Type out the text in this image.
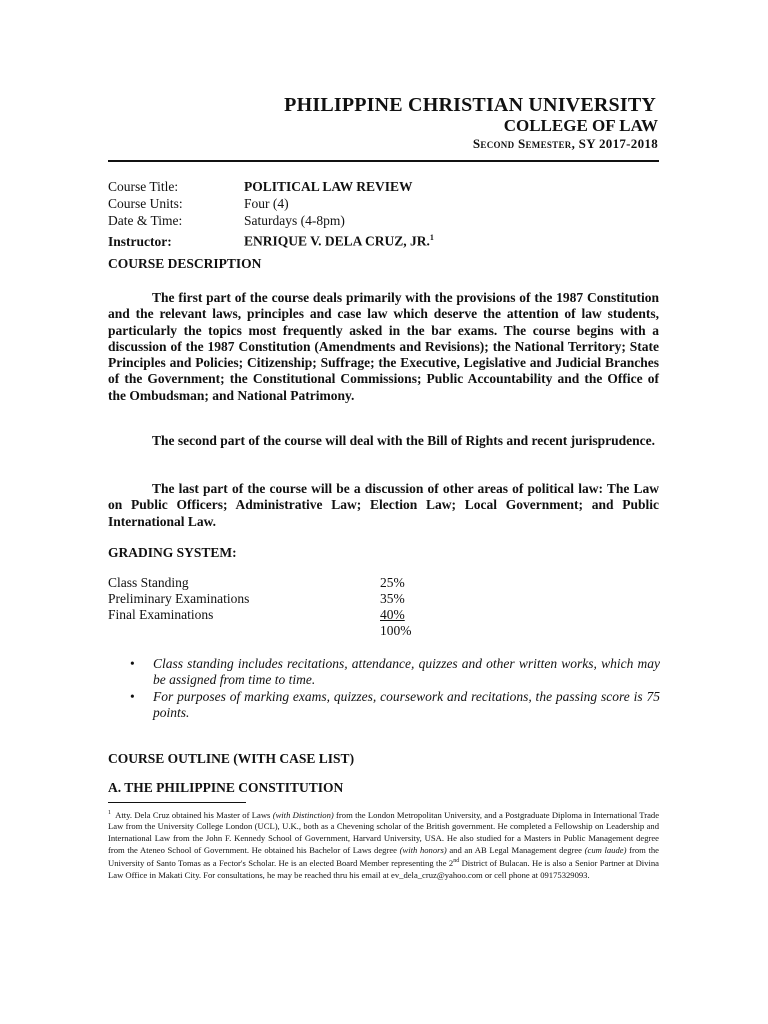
PHILIPPINE CHRISTIAN UNIVERSITY
COLLEGE OF LAW
Second Semester, SY 2017-2018
Course Title:	POLITICAL LAW REVIEW
Course Units:	Four (4)
Date & Time:	Saturdays (4-8pm)
Instructor:	ENRIQUE V. DELA CRUZ, JR.$^1$
COURSE DESCRIPTION

The first part of the course deals primarily with the provisions of the 1987 Constitution and the relevant laws, principles and case law which deserve the attention of law students, particularly the topics most frequently asked in the bar exams. The course begins with a discussion of the 1987 Constitution (Amendments and Revisions); the National Territory; State Principles and Policies; Citizenship; Suffrage; the Executive, Legislative and Judicial Branches of the Government; the Constitutional Commissions; Public Accountability and the Office of the Ombudsman; and National Patrimony.

The second part of the course will deal with the Bill of Rights and recent jurisprudence.

The last part of the course will be a discussion of other areas of political law: The Law on Public Officers; Administrative Law; Election Law; Local Government; and Public International Law.

GRADING SYSTEM:
Class Standing	25%
Preliminary Examinations	35%
Final Examinations	40%
100%
• Class standing includes recitations, attendance, quizzes and other written works, which may be assigned from time to time.
• For purposes of marking exams, quizzes, coursework and recitations, the passing score is 75 points.
COURSE OUTLINE (WITH CASE LIST)
A. THE PHILIPPINE CONSTITUTION

$^1$ Atty. Dela Cruz obtained his Master of Laws (with Distinction) from the London Metropolitan University, and a Postgraduate Diploma in International Trade Law from the University College London (UCL), U.K., both as a Chevening scholar of the British government. He completed a Fellowship on Leadership and International Law from the John F. Kennedy School of Government, Harvard University, USA. He also studied for a Masters in Public Management degree from the Ateneo School of Government. He obtained his Bachelor of Laws degree (with honors) and an AB Legal Management degree (cum laude) from the University of Santo Tomas as a Fector's Scholar. He is an elected Board Member representing the 2nd District of Bulacan. He is also a Senior Partner at Divina Law Office in Makati City. For consultations, he may be reached thru his email at ev_dela_cruz@yahoo.com or cell phone at 09175329093.
